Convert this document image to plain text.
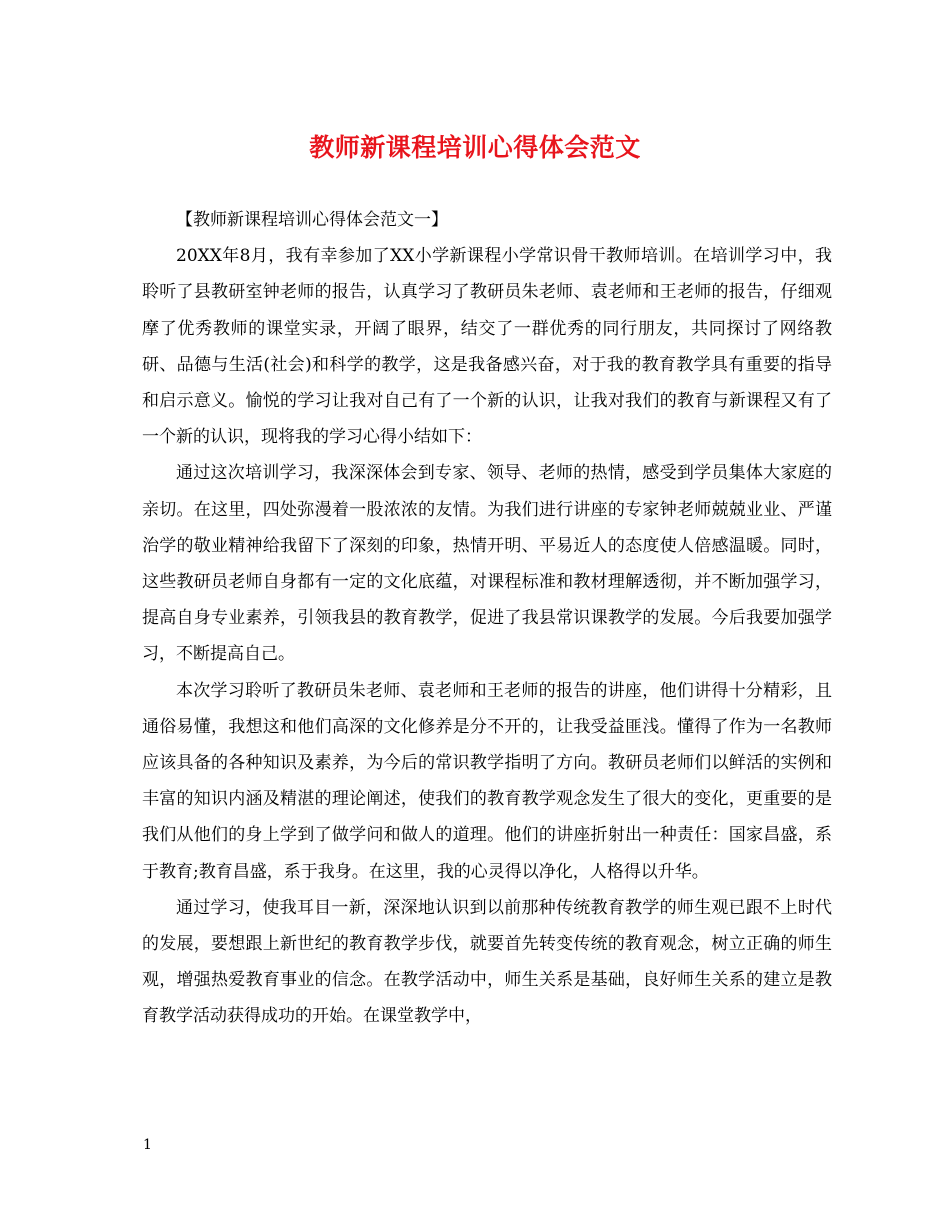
教师新课程培训心得体会范文

【教师新课程培训心得体会范文一】

20XX年8月，我有幸参加了XX小学新课程小学常识骨干教师培训。在培训学习中，我聆听了县教研室钟老师的报告，认真学习了教研员朱老师、袁老师和王老师的报告，仔细观摩了优秀教师的课堂实录，开阔了眼界，结交了一群优秀的同行朋友，共同探讨了网络教研、品德与生活(社会)和科学的教学，这是我备感兴奋，对于我的教育教学具有重要的指导和启示意义。愉悦的学习让我对自己有了一个新的认识，让我对我们的教育与新课程又有了一个新的认识，现将我的学习心得小结如下：

通过这次培训学习，我深深体会到专家、领导、老师的热情，感受到学员集体大家庭的亲切。在这里，四处弥漫着一股浓浓的友情。为我们进行讲座的专家钟老师兢兢业业、严谨治学的敬业精神给我留下了深刻的印象，热情开明、平易近人的态度使人倍感温暖。同时，这些教研员老师自身都有一定的文化底蕴，对课程标准和教材理解透彻，并不断加强学习，提高自身专业素养，引领我县的教育教学，促进了我县常识课教学的发展。今后我要加强学习，不断提高自己。

本次学习聆听了教研员朱老师、袁老师和王老师的报告的讲座，他们讲得十分精彩，且通俗易懂，我想这和他们高深的文化修养是分不开的，让我受益匪浅。懂得了作为一名教师应该具备的各种知识及素养，为今后的常识教学指明了方向。教研员老师们以鲜活的实例和丰富的知识内涵及精湛的理论阐述，使我们的教育教学观念发生了很大的变化，更重要的是我们从他们的身上学到了做学问和做人的道理。他们的讲座折射出一种责任：国家昌盛，系于教育;教育昌盛，系于我身。在这里，我的心灵得以净化，人格得以升华。

通过学习，使我耳目一新，深深地认识到以前那种传统教育教学的师生观已跟不上时代的发展，要想跟上新世纪的教育教学步伐，就要首先转变传统的教育观念，树立正确的师生观，增强热爱教育事业的信念。在教学活动中，师生关系是基础，良好师生关系的建立是教育教学活动获得成功的开始。在课堂教学中，

1
